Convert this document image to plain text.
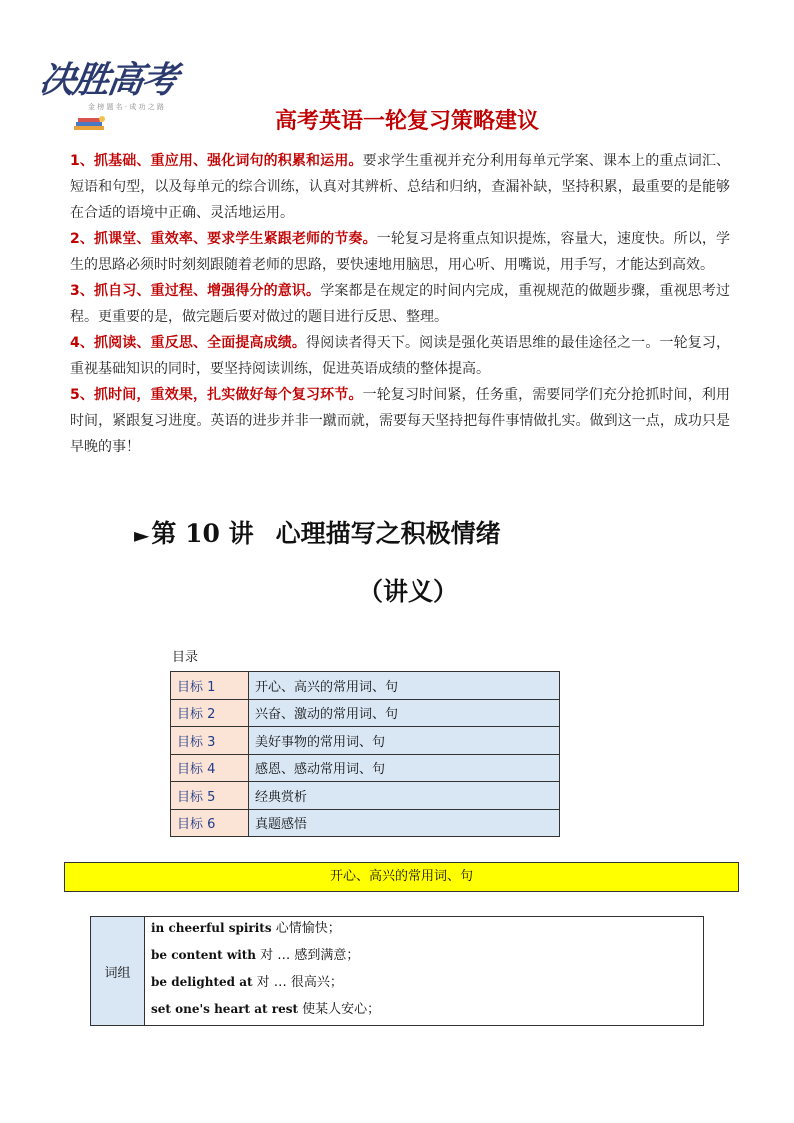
决胜高考
金 榜 题 名 · 成 功 之 路
高考英语一轮复习策略建议

1、抓基础、重应用、强化词句的积累和运用。要求学生重视并充分利用每单元学案、课本上的重点词汇、短语和句型，以及每单元的综合训练，认真对其辨析、总结和归纳，查漏补缺，坚持积累，最重要的是能够在合适的语境中正确、灵活地运用。

2、抓课堂、重效率、要求学生紧跟老师的节奏。一轮复习是将重点知识提炼，容量大，速度快。所以，学生的思路必须时时刻刻跟随着老师的思路，要快速地用脑思，用心听、用嘴说，用手写，才能达到高效。

3、抓自习、重过程、增强得分的意识。学案都是在规定的时间内完成，重视规范的做题步骤，重视思考过程。更重要的是，做完题后要对做过的题目进行反思、整理。

4、抓阅读、重反思、全面提高成绩。得阅读者得天下。阅读是强化英语思维的最佳途径之一。一轮复习，重视基础知识的同时，要坚持阅读训练，促进英语成绩的整体提高。

5、抓时间，重效果，扎实做好每个复习环节。一轮复习时间紧，任务重，需要同学们充分抢抓时间，利用时间，紧跟复习进度。英语的进步并非一蹴而就，需要每天坚持把每件事情做扎实。做到这一点，成功只是早晚的事！

►第 10 讲 心理描写之积极情绪
（讲义）
目录
目标 1	开心、高兴的常用词、句
目标 2	兴奋、激动的常用词、句
目标 3	美好事物的常用词、句
目标 4	感恩、感动常用词、句
目标 5	经典赏析
目标 6	真题感悟
开心、高兴的常用词、句
词组	
in cheerful spirits 心情愉快；
be content with 对 … 感到满意；
be delighted at 对 … 很高兴；
set one's heart at rest 使某人安心；
